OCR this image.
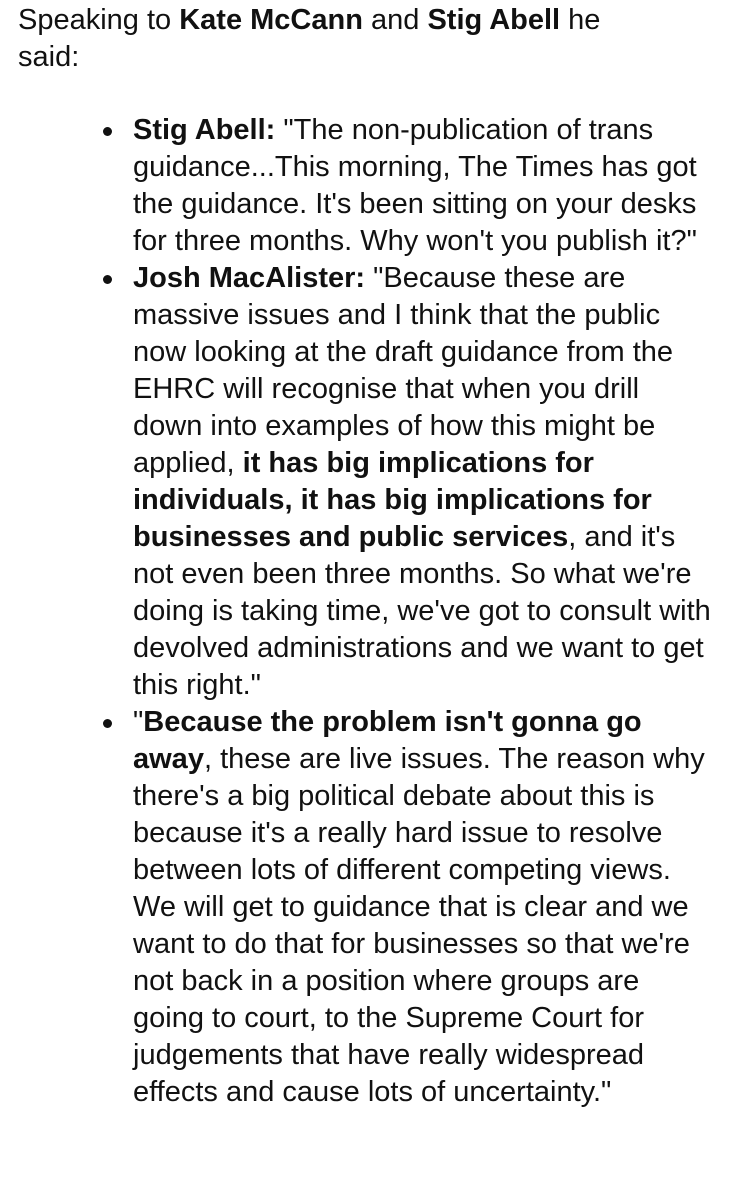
Speaking to Kate McCann and Stig Abell he said:

Stig Abell: "The non-publication of trans guidance...This morning, The Times has got the guidance. It's been sitting on your desks for three months. Why won't you publish it?"
Josh MacAlister: "Because these are massive issues and I think that the public now looking at the draft guidance from the EHRC will recognise that when you drill down into examples of how this might be applied, it has big implications for individuals, it has big implications for businesses and public services, and it's not even been three months. So what we're doing is taking time, we've got to consult with devolved administrations and we want to get this right."
"Because the problem isn't gonna go away, these are live issues. The reason why there's a big political debate about this is because it's a really hard issue to resolve between lots of different competing views. We will get to guidance that is clear and we want to do that for businesses so that we're not back in a position where groups are going to court, to the Supreme Court for judgements that have really widespread effects and cause lots of uncertainty."
